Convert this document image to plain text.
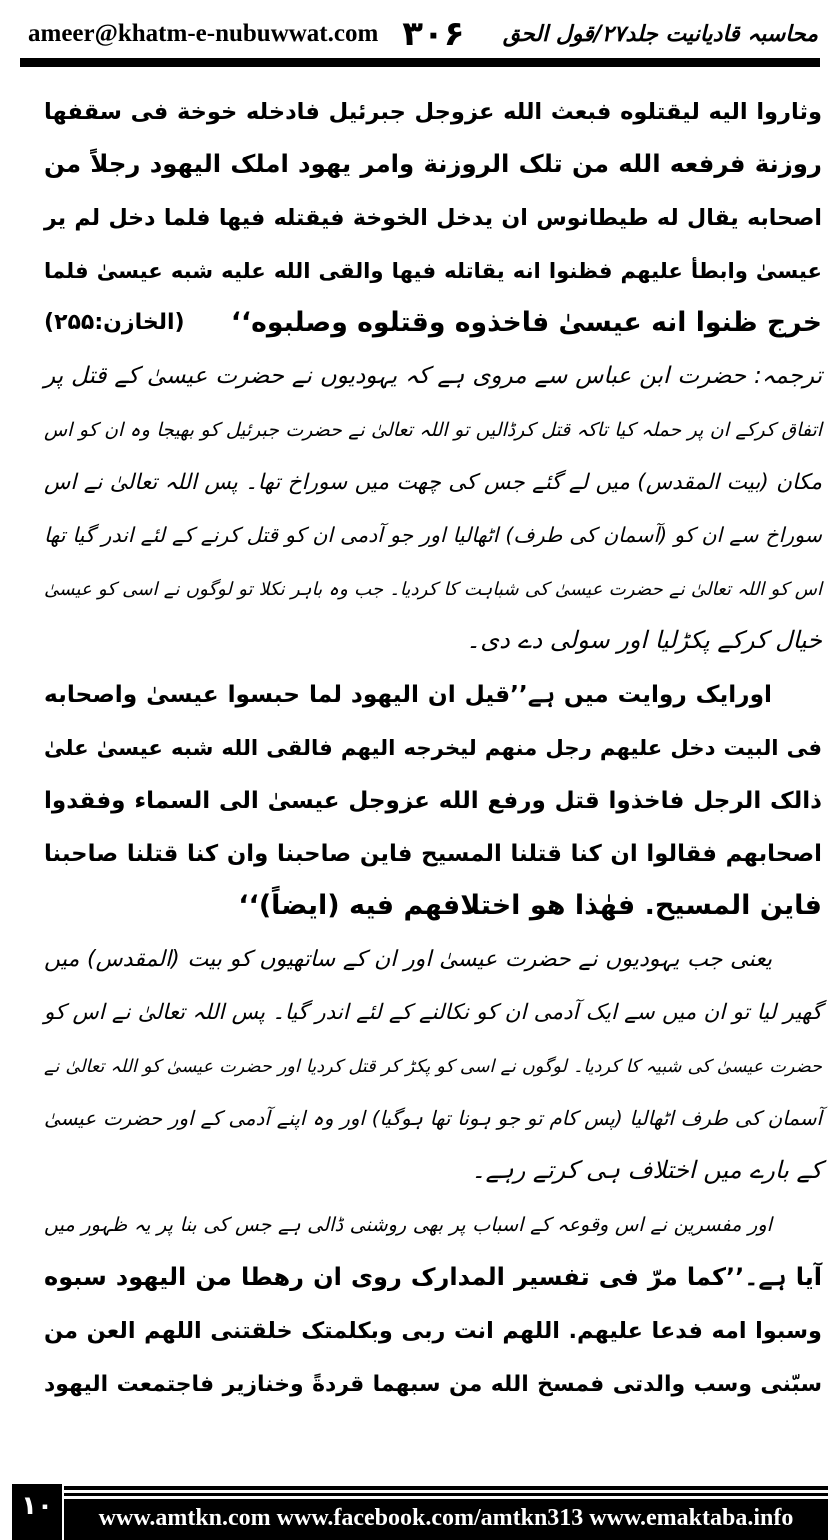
ameer@khatm-e-nubuwwat.com ۳۰۶ محاسبہ قادیانیت جلد۲۷/قول الحق
وثاروا اليه ليقتلوه فبعث الله عزوجل جبرئيل فادخله خوخة فى سقفها
روزنة فرفعه الله من تلک الروزنة وامر يهود املک اليهود رجلاً من
اصحابه يقال له طيطانوس ان يدخل الخوخة فيقتله فيها فلما دخل لم ير
عيسىٰ وابطأ عليهم فظنوا انه يقاتله فيها والقى الله عليه شبه عيسىٰ فلما
خرج ظنوا انه عيسىٰ فاخذوه وقتلوه وصلبوه‘‘
(الخازن:۲۵۵)
ترجمہ: حضرت ابن عباس سے مروی ہے کہ یہودیوں نے حضرت عیسیٰ کے قتل پر
اتفاق کرکے ان پر حملہ کیا تاکہ قتل کرڈالیں تو اللہ تعالیٰ نے حضرت جبرئیل کو بھیجا وہ ان کو اس
مکان (بیت المقدس) میں لے گئے جس کی چھت میں سوراخ تھا۔ پس اللہ تعالیٰ نے اس
سوراخ سے ان کو (آسمان کی طرف) اٹھالیا اور جو آدمی ان کو قتل کرنے کے لئے اندر گیا تھا
اس کو اللہ تعالیٰ نے حضرت عیسیٰ کی شباہت کا کردیا۔ جب وہ باہر نکلا تو لوگوں نے اسی کو عیسیٰ
خیال کرکے پکڑلیا اور سولی دے دی۔
اورایک روایت میں ہے’’قيل ان اليهود لما حبسوا عيسىٰ واصحابه
فى البيت دخل عليهم رجل منهم ليخرجه اليهم فالقى الله شبه عيسىٰ علىٰ
ذالک الرجل فاخذوا قتل ورفع الله عزوجل عيسىٰ الى السماء وفقدوا
اصحابهم فقالوا ان كنا قتلنا المسيح فاين صاحبنا وان كنا قتلنا صاحبنا
فاين المسيح. فهٰذا هو اختلافهم فيه (ايضاً)‘‘
یعنی جب یہودیوں نے حضرت عیسیٰ اور ان کے ساتھیوں کو بیت (المقدس) میں
گھیر لیا تو ان میں سے ایک آدمی ان کو نکالنے کے لئے اندر گیا۔ پس اللہ تعالیٰ نے اس کو
حضرت عیسیٰ کی شبیہ کا کردیا۔ لوگوں نے اسی کو پکڑ کر قتل کردیا اور حضرت عیسیٰ کو اللہ تعالیٰ نے
آسمان کی طرف اٹھالیا (پس کام تو جو ہونا تھا ہوگیا) اور وہ اپنے آدمی کے اور حضرت عیسیٰ
کے بارے میں اختلاف ہی کرتے رہے۔
اور مفسرین نے اس وقوعہ کے اسباب پر بھی روشنی ڈالی ہے جس کی بنا پر یہ ظہور میں
آیا ہے۔’’كما مرّ فى تفسير المدارک روى ان رهطا من اليهود سبوه
وسبوا امه فدعا عليهم. اللهم انت ربى وبكلمتک خلقتنى اللهم العن من
سبّنى وسب والدتى فمسخ الله من سبهما قردةً وخنازير فاجتمعت اليهود
۱۰	www.amtkn.com www.facebook.com/amtkn313 www.emaktaba.info
